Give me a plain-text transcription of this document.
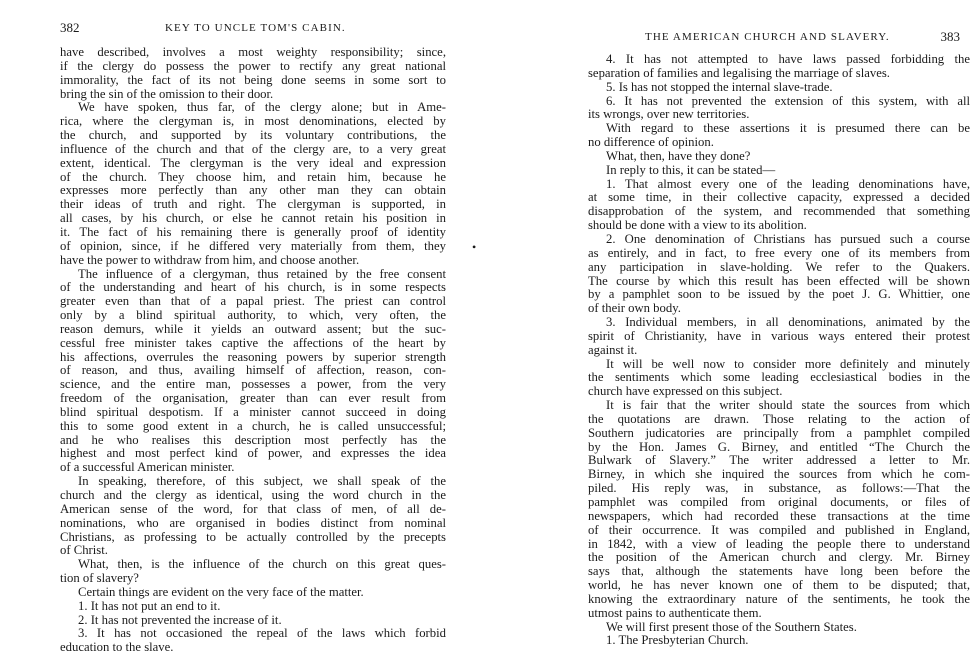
382	KEY TO UNCLE TOM'S CABIN.

have described, involves a most weighty responsibility; since,

if the clergy do possess the power to rectify any great national

immorality, the fact of its not being done seems in some sort to

bring the sin of the omission to their door.

We have spoken, thus far, of the clergy alone; but in Ame-

rica, where the clergyman is, in most denominations, elected by

the church, and supported by its voluntary contributions, the

influence of the church and that of the clergy are, to a very great

extent, identical. The clergyman is the very ideal and expression

of the church. They choose him, and retain him, because he

expresses more perfectly than any other man they can obtain

their ideas of truth and right. The clergyman is supported, in

all cases, by his church, or else he cannot retain his position in

it. The fact of his remaining there is generally proof of identity

of opinion, since, if he differed very materially from them, they

have the power to withdraw from him, and choose another.

The influence of a clergyman, thus retained by the free consent

of the understanding and heart of his church, is in some respects

greater even than that of a papal priest. The priest can control

only by a blind spiritual authority, to which, very often, the

reason demurs, while it yields an outward assent; but the suc-

cessful free minister takes captive the affections of the heart by

his affections, overrules the reasoning powers by superior strength

of reason, and thus, availing himself of affection, reason, con-

science, and the entire man, possesses a power, from the very

freedom of the organisation, greater than can ever result from

blind spiritual despotism. If a minister cannot succeed in doing

this to some good extent in a church, he is called unsuccessful;

and he who realises this description most perfectly has the

highest and most perfect kind of power, and expresses the idea

of a successful American minister.

In speaking, therefore, of this subject, we shall speak of the

church and the clergy as identical, using the word church in the

American sense of the word, for that class of men, of all de-

nominations, who are organised in bodies distinct from nominal

Christians, as professing to be actually controlled by the precepts

of Christ.

What, then, is the influence of the church on this great ques-

tion of slavery?

Certain things are evident on the very face of the matter.

1. It has not put an end to it.

2. It has not prevented the increase of it.

3. It has not occasioned the repeal of the laws which forbid

education to the slave.

•
THE AMERICAN CHURCH AND SLAVERY.	383

4. It has not attempted to have laws passed forbidding the

separation of families and legalising the marriage of slaves.

5. Is has not stopped the internal slave-trade.

6. It has not prevented the extension of this system, with all

its wrongs, over new territories.

With regard to these assertions it is presumed there can be

no difference of opinion.

What, then, have they done?

In reply to this, it can be stated—

1. That almost every one of the leading denominations have,

at some time, in their collective capacity, expressed a decided

disapprobation of the system, and recommended that something

should be done with a view to its abolition.

2. One denomination of Christians has pursued such a course

as entirely, and in fact, to free every one of its members from

any participation in slave-holding. We refer to the Quakers.

The course by which this result has been effected will be shown

by a pamphlet soon to be issued by the poet J. G. Whittier, one

of their own body.

3. Individual members, in all denominations, animated by the

spirit of Christianity, have in various ways entered their protest

against it.

It will be well now to consider more definitely and minutely

the sentiments which some leading ecclesiastical bodies in the

church have expressed on this subject.

It is fair that the writer should state the sources from which

the quotations are drawn. Those relating to the action of

Southern judicatories are principally from a pamphlet compiled

by the Hon. James G. Birney, and entitled “The Church the

Bulwark of Slavery.” The writer addressed a letter to Mr.

Birney, in which she inquired the sources from which he com-

piled. His reply was, in substance, as follows:—That the

pamphlet was compiled from original documents, or files of

newspapers, which had recorded these transactions at the time

of their occurrence. It was compiled and published in England,

in 1842, with a view of leading the people there to understand

the position of the American church and clergy. Mr. Birney

says that, although the statements have long been before the

world, he has never known one of them to be disputed; that,

knowing the extraordinary nature of the sentiments, he took the

utmost pains to authenticate them.

We will first present those of the Southern States.

1. The Presbyterian Church.
